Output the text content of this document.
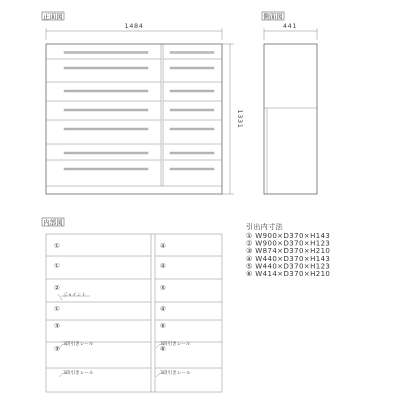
正面図
1484
1331
側面図
441
内部図
①
①
②
①
③
③
④
④
⑤
④
⑥
⑥
3段引きレール
3段引きレール
3段引きレール
3段引きレール
ジョイント
引出内寸法
① W900×D370×H143
② W900×D370×H123
③ W874×D370×H210
④ W440×D370×H143
⑤ W440×D370×H123
⑥ W414×D370×H210
